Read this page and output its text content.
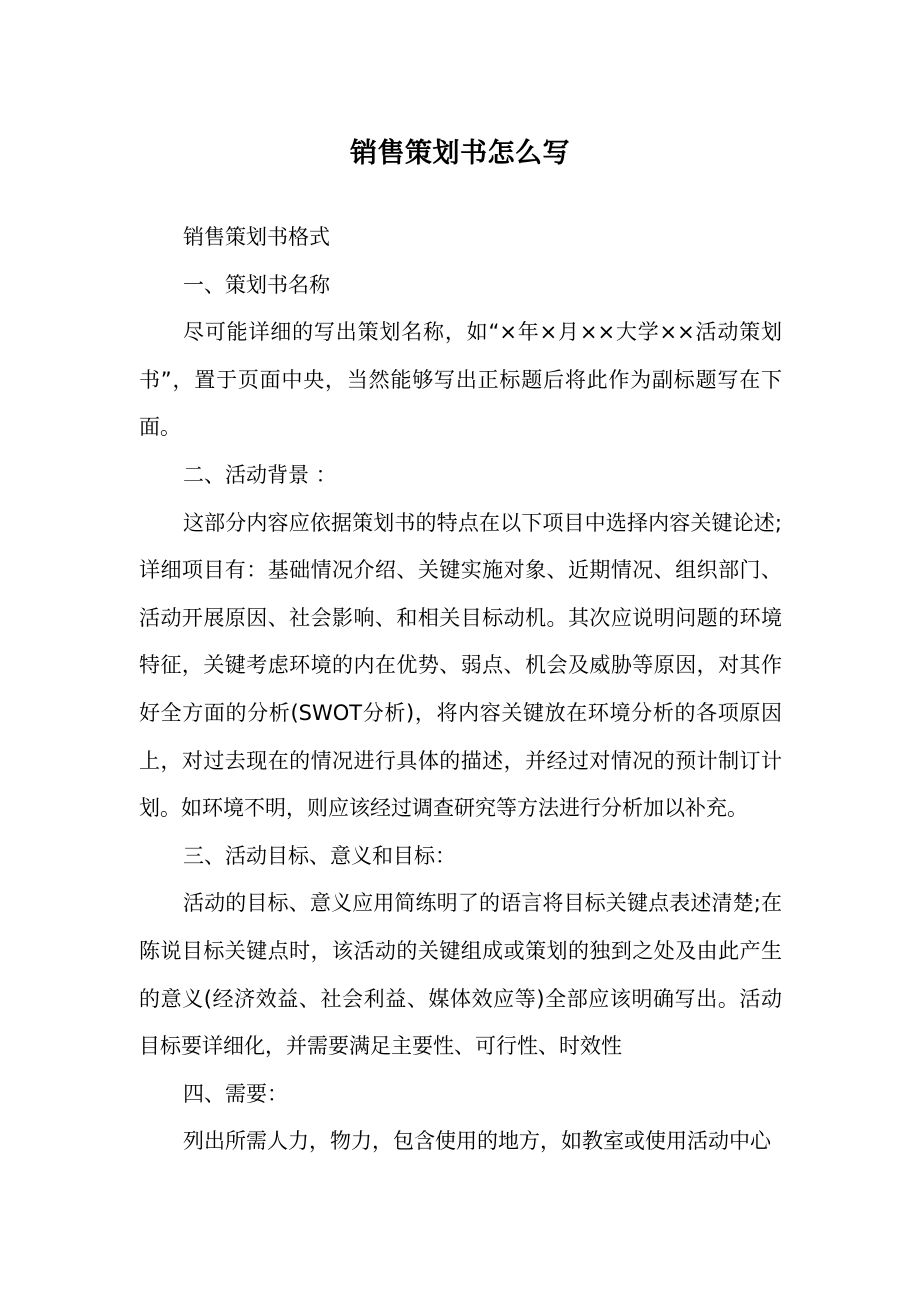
销售策划书怎么写

销售策划书格式

一、策划书名称

尽可能详细的写出策划名称，如“×年×月××大学××活动策划书”，置于页面中央，当然能够写出正标题后将此作为副标题写在下面。

二、活动背景 ：

这部分内容应依据策划书的特点在以下项目中选择内容关键论述;详细项目有：基础情况介绍、关键实施对象、近期情况、组织部门、活动开展原因、社会影响、和相关目标动机。其次应说明问题的环境特征，关键考虑环境的内在优势、弱点、机会及威胁等原因，对其作好全方面的分析(SWOT分析)，将内容关键放在环境分析的各项原因上，对过去现在的情况进行具体的描述，并经过对情况的预计制订计划。如环境不明，则应该经过调查研究等方法进行分析加以补充。

三、活动目标、意义和目标：

活动的目标、意义应用简练明了的语言将目标关键点表述清楚;在陈说目标关键点时，该活动的关键组成或策划的独到之处及由此产生的意义(经济效益、社会利益、媒体效应等)全部应该明确写出。活动目标要详细化，并需要满足主要性、可行性、时效性

四、需要：

列出所需人力，物力，包含使用的地方，如教室或使用活动中心
